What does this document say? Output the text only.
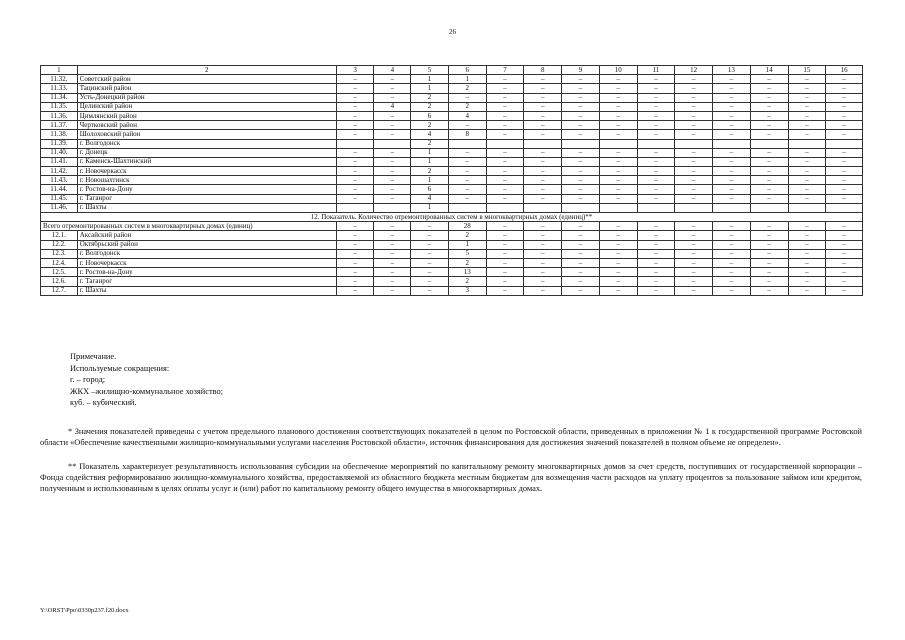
26
1	2	3	4	5	6	7	8	9	10	11	12	13	14	15	16
11.32.	Советский район	–	–	1	1	–	–	–	–	–	–	–	–	–	–
11.33.	Тацинский район	–	–	1	2	–	–	–	–	–	–	–	–	–	–
11.34.	Усть-Донецкий район	–	–	2	–	–	–	–	–	–	–	–	–	–	–
11.35.	Целинский район	–	4	2	2	–	–	–	–	–	–	–	–	–	–
11.36.	Цимлянский район	–	–	6	4	–	–	–	–	–	–	–	–	–	–
11.37.	Чертковский район	–	–	2	–	–	–	–	–	–	–	–	–	–	–
11.38.	Шолоховский район	–	–	4	8	–	–	–	–	–	–	–	–	–	–
11.39.	г. Волгодонск			2											
11.40.	г. Донецк	–	–	1	–	–	–	–	–	–	–	–	–	–	–
11.41.	г. Каменск-Шахтинский	–	–	1	–	–	–	–	–	–	–	–	–	–	–
11.42.	г. Новочеркасск	–	–	2	–	–	–	–	–	–	–	–	–	–	–
11.43.	г. Новошахтинск	–	–	1	–	–	–	–	–	–	–	–	–	–	–
11.44.	г. Ростов-на-Дону	–	–	6	–	–	–	–	–	–	–	–	–	–	–
11.45.	г. Таганрог	–	–	4	–	–	–	–	–	–	–	–	–	–	–
11.46.	г. Шахты			1											
12. Показатель. Количество отремонтированных систем в многоквартирных домах (единиц)**															
Всего отремонтированных систем в многоквартирных домах (единиц)		–	–	–	28	–	–	–	–	–	–	–	–	–	–
12.1.	Аксайский район	–	–	–	2	–	–	–	–	–	–	–	–	–	–
12.2.	Октябрьский район	–	–	–	1	–	–	–	–	–	–	–	–	–	–
12.3.	г. Волгодонск	–	–	–	5	–	–	–	–	–	–	–	–	–	–
12.4.	г. Новочеркасск	–	–	–	2	–	–	–	–	–	–	–	–	–	–
12.5.	г. Ростов-на-Дону	–	–	–	13	–	–	–	–	–	–	–	–	–	–
12.6.	г. Таганрог	–	–	–	2	–	–	–	–	–	–	–	–	–	–
12.7.	г. Шахты	–	–	–	3	–	–	–	–	–	–	–	–	–	–
Примечание.
Используемые сокращения:
г. – город;
ЖКХ –жилищно-коммунальное хозяйство;
куб. – кубический.

* Значения показателей приведены с учетом предельного планового достижения соответствующих показателей в целом по Ростовской области, приведенных в приложении № 1 к государственной программе Ростовской области «Обеспечение качественными жилищно-коммунальными услугами населения Ростовской области», источник финансирования для достижения значений показателей в полном объеме не определен».

** Показатель характеризует результативность использования субсидии на обеспечение мероприятий по капитальному ремонту многоквартирных домов за счет средств, поступивших от государственной корпорации – Фонда содействия реформированию жилищно-коммунального хозяйства, предоставляемой из областного бюджета местным бюджетам для возмещения части расходов на уплату процентов за пользование займом или кредитом, полученным и использованным в целях оплаты услуг и (или) работ по капитальному ремонту общего имущества в многоквартирных домах.

Y:\ORST\Ppo\0330p237.f20.docx
